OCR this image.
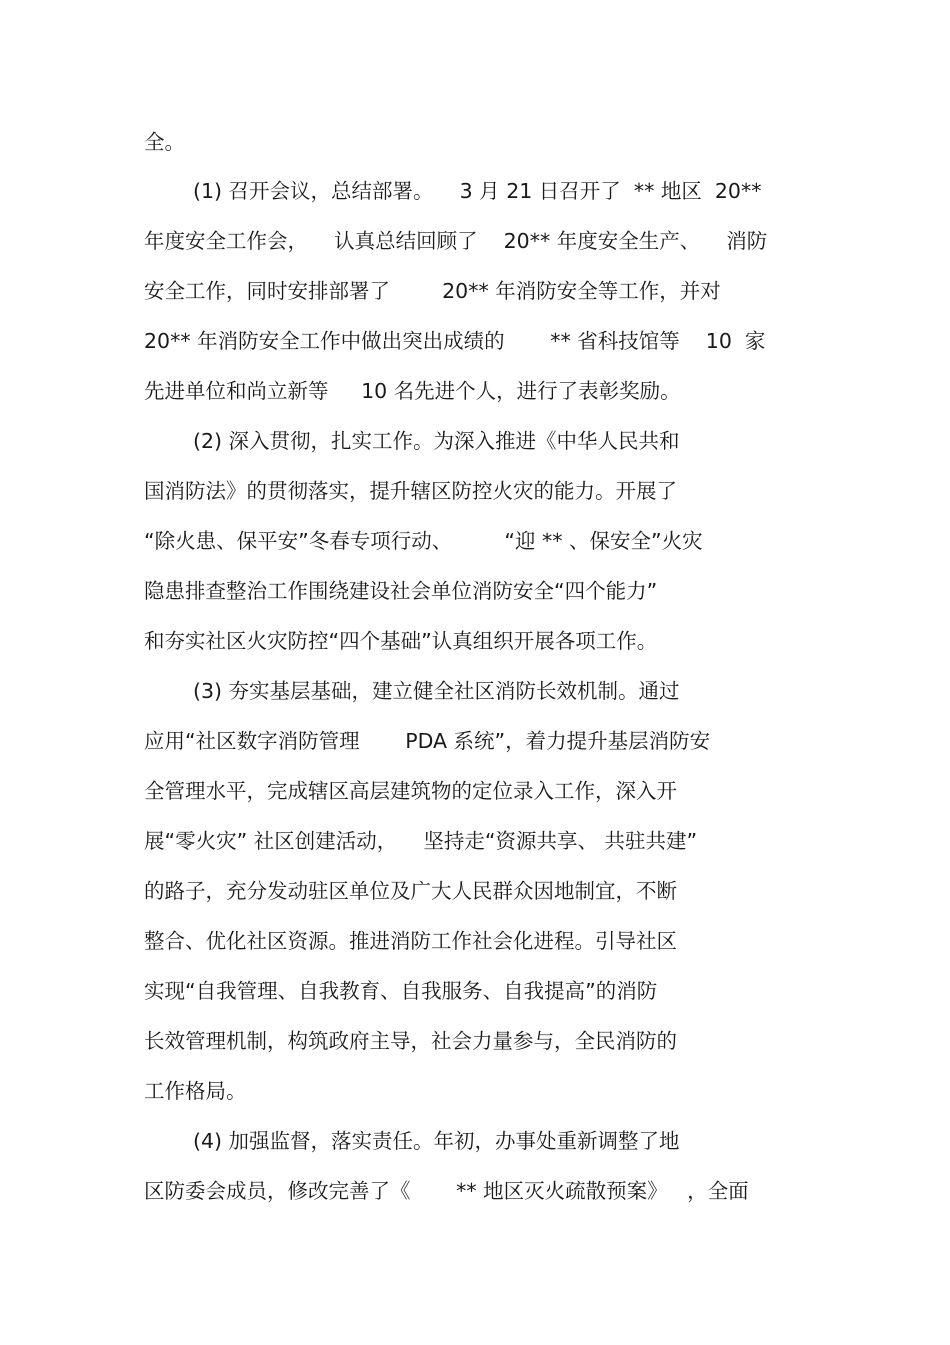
全。
(1) 召开会议，总结部署。    3 月 21 日召开了  ** 地区  20**
年度安全工作会，    认真总结回顾了    20** 年度安全生产、    消防
安全工作，同时安排部署了        20** 年消防安全等工作，并对
20** 年消防安全工作中做出突出成绩的       ** 省科技馆等    10  家
先进单位和尚立新等     10 名先进个人，进行了表彰奖励。
(2) 深入贯彻，扎实工作。为深入推进《中华人民共和
国消防法》的贯彻落实，提升辖区防控火灾的能力。开展了
“除火患、保平安”冬春专项行动、        “迎 ** 、保安全”火灾
隐患排查整治工作围绕建设社会单位消防安全“四个能力”
和夯实社区火灾防控“四个基础”认真组织开展各项工作。
(3) 夯实基层基础，建立健全社区消防长效机制。通过
应用“社区数字消防管理       PDA 系统”，着力提升基层消防安
全管理水平，完成辖区高层建筑物的定位录入工作，深入开
展“零火灾” 社区创建活动，    坚持走“资源共享、 共驻共建”
的路子，充分发动驻区单位及广大人民群众因地制宜，不断
整合、优化社区资源。推进消防工作社会化进程。引导社区
实现“自我管理、自我教育、自我服务、自我提高”的消防
长效管理机制，构筑政府主导，社会力量参与，全民消防的
工作格局。
(4) 加强监督，落实责任。年初，办事处重新调整了地
区防委会成员，修改完善了《       ** 地区灭火疏散预案》   ，全面
